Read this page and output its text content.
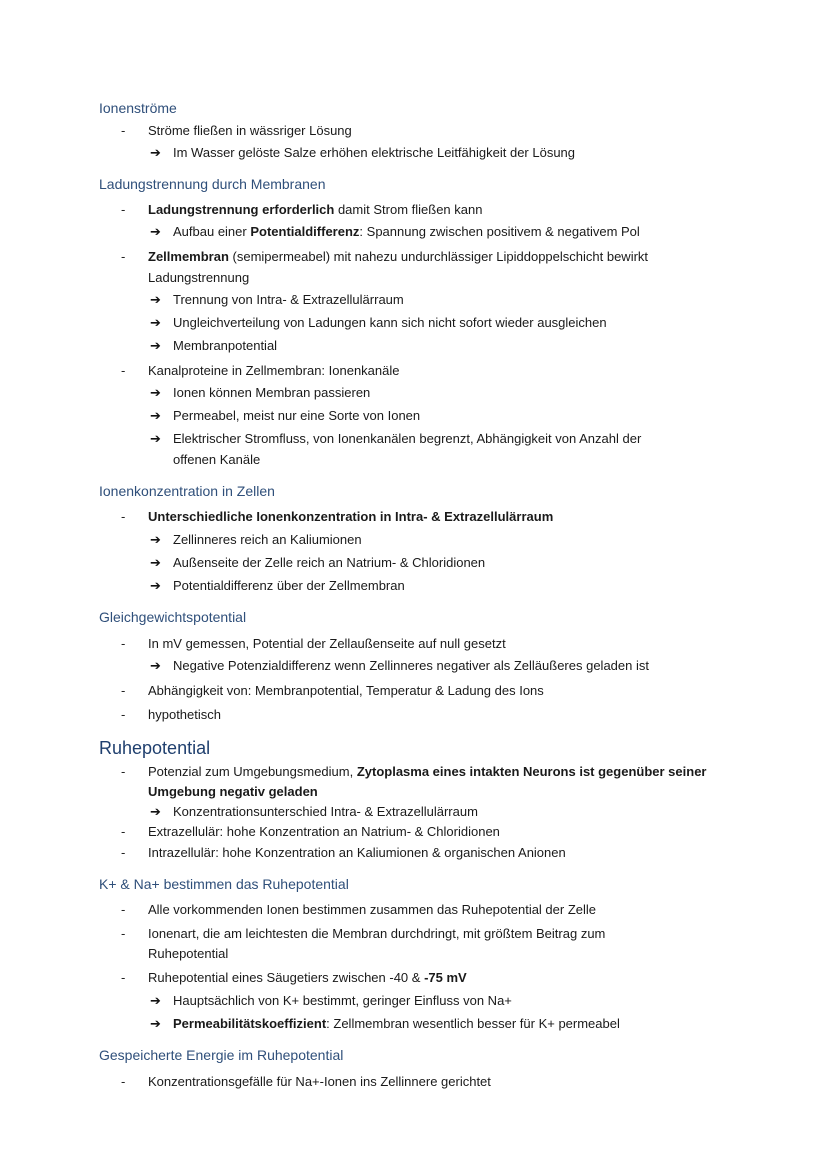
Ionenströme
- Ströme fließen in wässriger Lösung
➔ Im Wasser gelöste Salze erhöhen elektrische Leitfähigkeit der Lösung
Ladungstrennung durch Membranen
- Ladungstrennung erforderlich damit Strom fließen kann
➔ Aufbau einer Potentialdifferenz: Spannung zwischen positivem & negativem Pol
- Zellmembran (semipermeabel) mit nahezu undurchlässiger Lipiddoppelschicht bewirkt
Ladungstrennung
➔ Trennung von Intra- & Extrazellulärraum
➔ Ungleichverteilung von Ladungen kann sich nicht sofort wieder ausgleichen
➔ Membranpotential
- Kanalproteine in Zellmembran: Ionenkanäle
➔ Ionen können Membran passieren
➔ Permeabel, meist nur eine Sorte von Ionen
➔ Elektrischer Stromfluss, von Ionenkanälen begrenzt, Abhängigkeit von Anzahl der
offenen Kanäle
Ionenkonzentration in Zellen
- Unterschiedliche Ionenkonzentration in Intra- & Extrazellulärraum
➔ Zellinneres reich an Kaliumionen
➔ Außenseite der Zelle reich an Natrium- & Chloridionen
➔ Potentialdifferenz über der Zellmembran
Gleichgewichtspotential
- In mV gemessen, Potential der Zellaußenseite auf null gesetzt
➔ Negative Potenzialdifferenz wenn Zellinneres negativer als Zelläußeres geladen ist
- Abhängigkeit von: Membranpotential, Temperatur & Ladung des Ions
- hypothetisch
Ruhepotential
- Potenzial zum Umgebungsmedium, Zytoplasma eines intakten Neurons ist gegenüber seiner
Umgebung negativ geladen
➔ Konzentrationsunterschied Intra- & Extrazellulärraum
- Extrazellulär: hohe Konzentration an Natrium- & Chloridionen
- Intrazellulär: hohe Konzentration an Kaliumionen & organischen Anionen
K+ & Na+ bestimmen das Ruhepotential
- Alle vorkommenden Ionen bestimmen zusammen das Ruhepotential der Zelle
- Ionenart, die am leichtesten die Membran durchdringt, mit größtem Beitrag zum
Ruhepotential
- Ruhepotential eines Säugetiers zwischen -40 & -75 mV
➔ Hauptsächlich von K+ bestimmt, geringer Einfluss von Na+
➔ Permeabilitätskoeffizient: Zellmembran wesentlich besser für K+ permeabel
Gespeicherte Energie im Ruhepotential
- Konzentrationsgefälle für Na+-Ionen ins Zellinnere gerichtet
